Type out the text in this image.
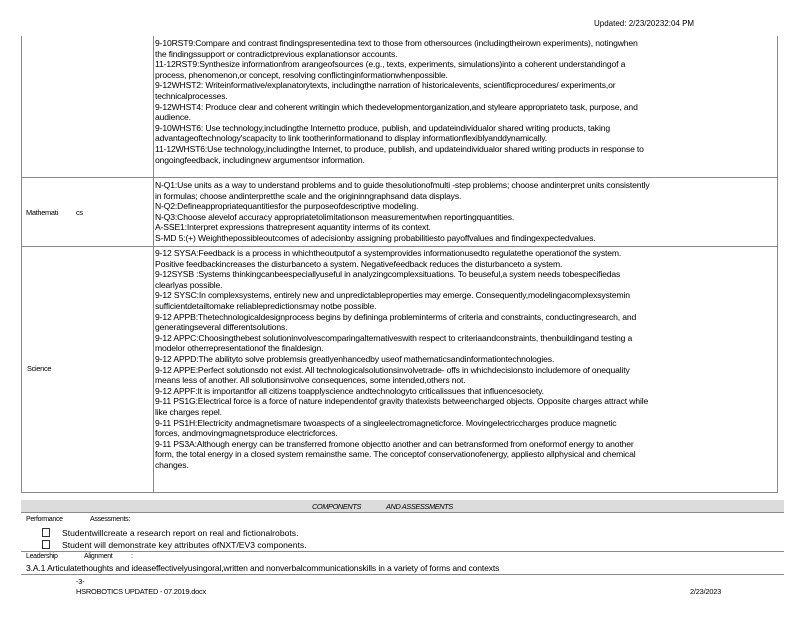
Updated: 2/23/20232:04 PM
9-10RST9:Compare and contrast findingspresentedina text to those from othersources (includingtheirown experiments), notingwhen
the findingssupport or contradictprevious explanationsor accounts.
11-12RST9:Synthesize informationfrom arangeofsources (e.g., texts, experiments, simulations)into a coherent understandingof a
process, phenomenon,or concept, resolving conflictinginformationwhenpossible.
9-12WHST2: Writeinformative/explanatorytexts, includingthe narration of historicalevents, scientificprocedures/ experiments,or
technicalprocesses.
9-12WHST4: Produce clear and coherent writingin which thedevelopmentorganization,and styleare appropriateto task, purpose, and
audience.
9-10WHST6: Use technology,includingthe Internetto produce, publish, and updateindividualor shared writing products, taking
advantageoftechnology'scapacity to link tootherinformationand to display informationflexiblyanddynamically.
11-12WHST6:Use technology,includingthe Internet, to produce, publish, and updateindividualor shared writing products in response to
ongoingfeedback, includingnew argumentsor information.
Mathemati cs
N-Q1:Use units as a way to understand problems and to guide thesolutionofmulti -step problems; choose andinterpret units consistently
in formulas; choose andinterpretthe scale and the origininngraphsand data displays.
N-Q2:Defineappropriatequantitiesfor the purposeofdescriptive modeling.
N-Q3:Choose alevelof accuracy appropriatetolimitationson measurementwhen reportingquantities.
A-SSE1:Interpret expressions thatrepresent aquantity interms of its context.
S-MD 5:(+) Weighthepossibleoutcomes of adecisionby assigning probabilitiesto payoffvalues and findingexpectedvalues.
Science
9-12 SYSA:Feedback is a process in whichtheoutputof a systemprovides informationusedto regulatethe operationof the system.
Positive feedbackincreases the disturbanceto a system. Negativefeedback reduces the disturbanceto a system.
9-12SYSB :Systems thinkingcanbeespeciallyuseful in analyzingcomplexsituations. To beuseful,a system needs tobespecifiedas
clearlyas possible.
9-12 SYSC:In complexsystems, entirely new and unpredictableproperties may emerge. Consequently,modelingacomplexsystemin
sufficientdetailtomake reliablepredictionsmay notbe possible.
9-12 APPB:Thetechnologicaldesignprocess begins by defininga probleminterms of criteria and constraints, conductingresearch, and
generatingseveral differentsolutions.
9-12 APPC:Choosingthebest solutioninvolvescomparingalternativeswith respect to criteriaandconstraints, thenbuildingand testing a
modelor otherrepresentationof the finaldesign.
9-12 APPD:The abilityto solve problemsis greatlyenhancedby useof mathematicsandinformationtechnologies.
9-12 APPE:Perfect solutionsdo not exist. All technologicalsolutionsinvolvetrade- offs in whichdecisionsto includemore of onequality
means less of another. All solutionsinvolve consequences, some intended,others not.
9-12 APPF:It is importantfor all citizens toapplyscience andtechnologyto criticalissues that influencesociety.
9-11 PS1G:Electrical force is a force of nature independentof gravity thatexists betweencharged objects. Opposite charges attract while
like charges repel.
9-11 PS1H:Electricity andmagnetismare twoaspects of a singleelectromagneticforce. Movingelectriccharges produce magnetic
forces, andmovingmagnetsproduce electricforces.
9-11 PS3A:Although energy can be transferred fromone objectto another and can betransformed from oneformof energy to another
form, the total energy in a closed system remainsthe same. The conceptof conservationofenergy, appliesto allphysical and chemical
changes.
COMPONENTS	AND ASSESSMENTS
Performance	Assessments:
Studentwillcreate a research report on real and fictionalrobots.
Student will demonstrate key attributes ofNXT/EV3 components.
Leadership	Alignment	:
3.A.1 Articulatethoughts and ideaseffectivelyusingoral,written and nonverbalcommunicationskills in a variety of forms and contexts
-3-
HSROBOTICS UPDATED - 07.2019.docx	2/23/2023
